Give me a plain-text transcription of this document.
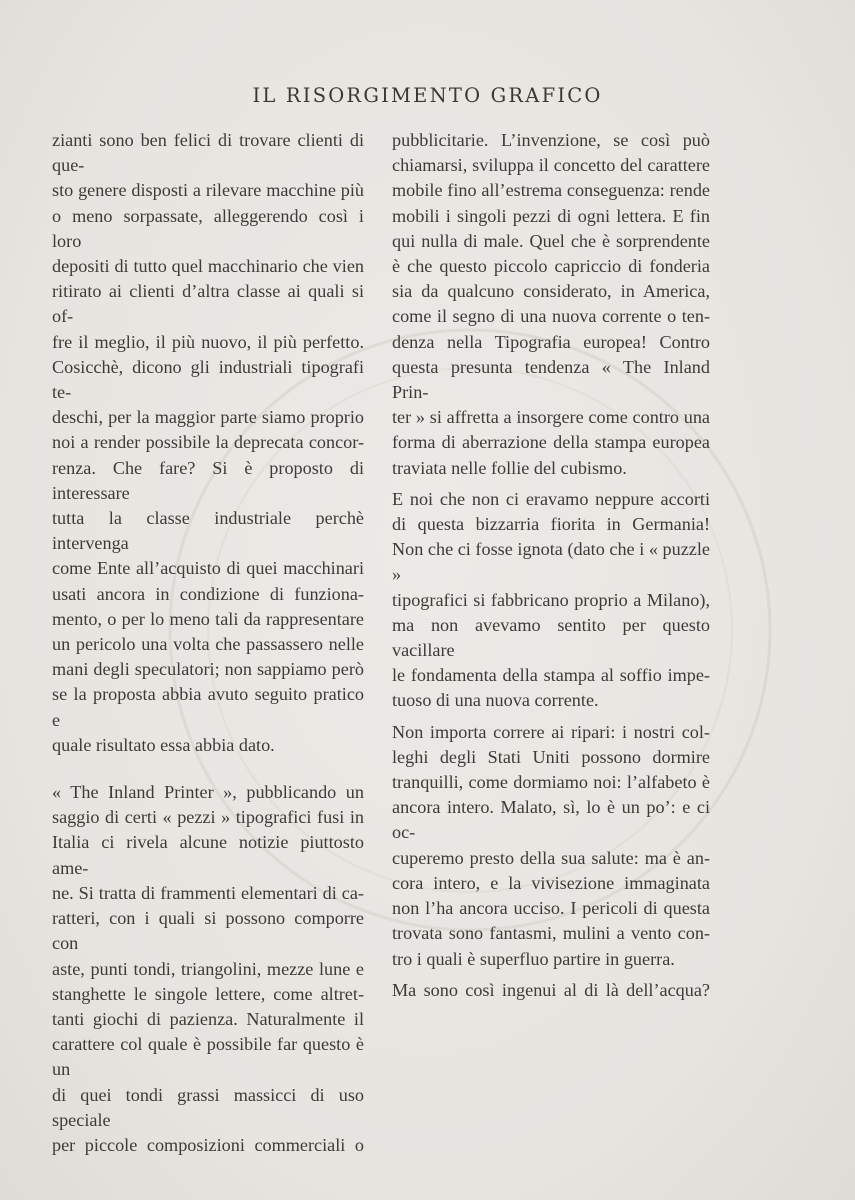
IL RISORGIMENTO GRAFICO

zianti sono ben felici di trovare clienti di que-
sto genere disposti a rilevare macchine più
o meno sorpassate, alleggerendo così i loro
depositi di tutto quel macchinario che vien
ritirato ai clienti d’altra classe ai quali si of-
fre il meglio, il più nuovo, il più perfetto.
Cosicchè, dicono gli industriali tipografi te-
deschi, per la maggior parte siamo proprio
noi a render possibile la deprecata concor-
renza. Che fare? Si è proposto di interessare
tutta la classe industriale perchè intervenga
come Ente all’acquisto di quei macchinari
usati ancora in condizione di funziona-
mento, o per lo meno tali da rappresentare
un pericolo una volta che passassero nelle
mani degli speculatori; non sappiamo però
se la proposta abbia avuto seguito pratico e

quale risultato essa abbia dato.

« The Inland Printer », pubblicando un
saggio di certi « pezzi » tipografici fusi in
Italia ci rivela alcune notizie piuttosto ame-
ne. Si tratta di frammenti elementari di ca-
ratteri, con i quali si possono comporre con
aste, punti tondi, triangolini, mezze lune e
stanghette le singole lettere, come altret-
tanti giochi di pazienza. Naturalmente il
carattere col quale è possibile far questo è un
di quei tondi grassi massicci di uso speciale
per piccole composizioni commerciali o

pubblicitarie. L’invenzione, se così può
chiamarsi, sviluppa il concetto del carattere
mobile fino all’estrema conseguenza: rende
mobili i singoli pezzi di ogni lettera. E fin
qui nulla di male. Quel che è sorprendente
è che questo piccolo capriccio di fonderia
sia da qualcuno considerato, in America,
come il segno di una nuova corrente o ten-
denza nella Tipografia europea! Contro
questa presunta tendenza « The Inland Prin-
ter » si affretta a insorgere come contro una
forma di aberrazione della stampa europea

traviata nelle follie del cubismo.

E noi che non ci eravamo neppure accorti
di questa bizzarria fiorita in Germania!
Non che ci fosse ignota (dato che i « puzzle »
tipografici si fabbricano proprio a Milano),
ma non avevamo sentito per questo vacillare
le fondamenta della stampa al soffio impe-

tuoso di una nuova corrente.

Non importa correre ai ripari: i nostri col-
leghi degli Stati Uniti possono dormire
tranquilli, come dormiamo noi: l’alfabeto è
ancora intero. Malato, sì, lo è un po’: e ci oc-
cuperemo presto della sua salute: ma è an-
cora intero, e la vivisezione immaginata
non l’ha ancora ucciso. I pericoli di questa
trovata sono fantasmi, mulini a vento con-

tro i quali è superfluo partire in guerra.

Ma sono così ingenui al di là dell’acqua?
